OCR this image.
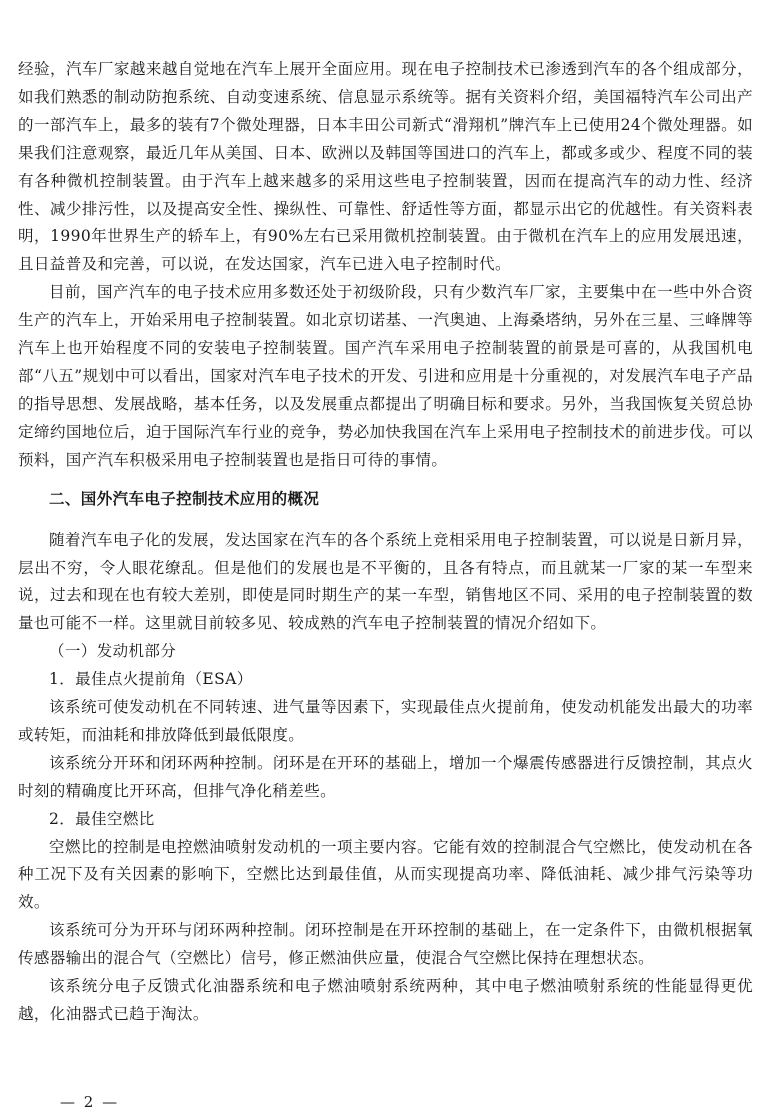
经验，汽车厂家越来越自觉地在汽车上展开全面应用。现在电子控制技术已渗透到汽车的各个组成部分，如我们熟悉的制动防抱系统、自动变速系统、信息显示系统等。据有关资料介绍，美国福特汽车公司出产的一部汽车上，最多的装有7个微处理器，日本丰田公司新式“滑翔机”牌汽车上已使用24个微处理器。如果我们注意观察，最近几年从美国、日本、欧洲以及韩国等国进口的汽车上，都或多或少、程度不同的装有各种微机控制装置。由于汽车上越来越多的采用这些电子控制装置，因而在提高汽车的动力性、经济性、减少排污性，以及提高安全性、操纵性、可靠性、舒适性等方面，都显示出它的优越性。有关资料表明，1990年世界生产的轿车上，有90%左右已采用微机控制装置。由于微机在汽车上的应用发展迅速，且日益普及和完善，可以说，在发达国家，汽车已进入电子控制时代。

目前，国产汽车的电子技术应用多数还处于初级阶段，只有少数汽车厂家，主要集中在一些中外合资生产的汽车上，开始采用电子控制装置。如北京切诺基、一汽奥迪、上海桑塔纳，另外在三星、三峰牌等汽车上也开始程度不同的安装电子控制装置。国产汽车采用电子控制装置的前景是可喜的，从我国机电部“八五”规划中可以看出，国家对汽车电子技术的开发、引进和应用是十分重视的，对发展汽车电子产品的指导思想、发展战略，基本任务，以及发展重点都提出了明确目标和要求。另外，当我国恢复关贸总协定缔约国地位后，迫于国际汽车行业的竞争，势必加快我国在汽车上采用电子控制技术的前进步伐。可以预料，国产汽车积极采用电子控制装置也是指日可待的事情。

二、国外汽车电子控制技术应用的概况

随着汽车电子化的发展，发达国家在汽车的各个系统上竞相采用电子控制装置，可以说是日新月异，层出不穷，令人眼花缭乱。但是他们的发展也是不平衡的，且各有特点，而且就某一厂家的某一车型来说，过去和现在也有较大差别，即使是同时期生产的某一车型，销售地区不同、采用的电子控制装置的数量也可能不一样。这里就目前较多见、较成熟的汽车电子控制装置的情况介绍如下。

（一）发动机部分
1．最佳点火提前角（ESA）

该系统可使发动机在不同转速、进气量等因素下，实现最佳点火提前角，使发动机能发出最大的功率或转矩，而油耗和排放降低到最低限度。

该系统分开环和闭环两种控制。闭环是在开环的基础上，增加一个爆震传感器进行反馈控制，其点火时刻的精确度比开环高，但排气净化稍差些。

2．最佳空燃比

空燃比的控制是电控燃油喷射发动机的一项主要内容。它能有效的控制混合气空燃比，使发动机在各种工况下及有关因素的影响下，空燃比达到最佳值，从而实现提高功率、降低油耗、减少排气污染等功效。

该系统可分为开环与闭环两种控制。闭环控制是在开环控制的基础上，在一定条件下，由微机根据氧传感器输出的混合气（空燃比）信号，修正燃油供应量，使混合气空燃比保持在理想状态。

该系统分电子反馈式化油器系统和电子燃油喷射系统两种，其中电子燃油喷射系统的性能显得更优越，化油器式已趋于淘汰。

— 2 —
